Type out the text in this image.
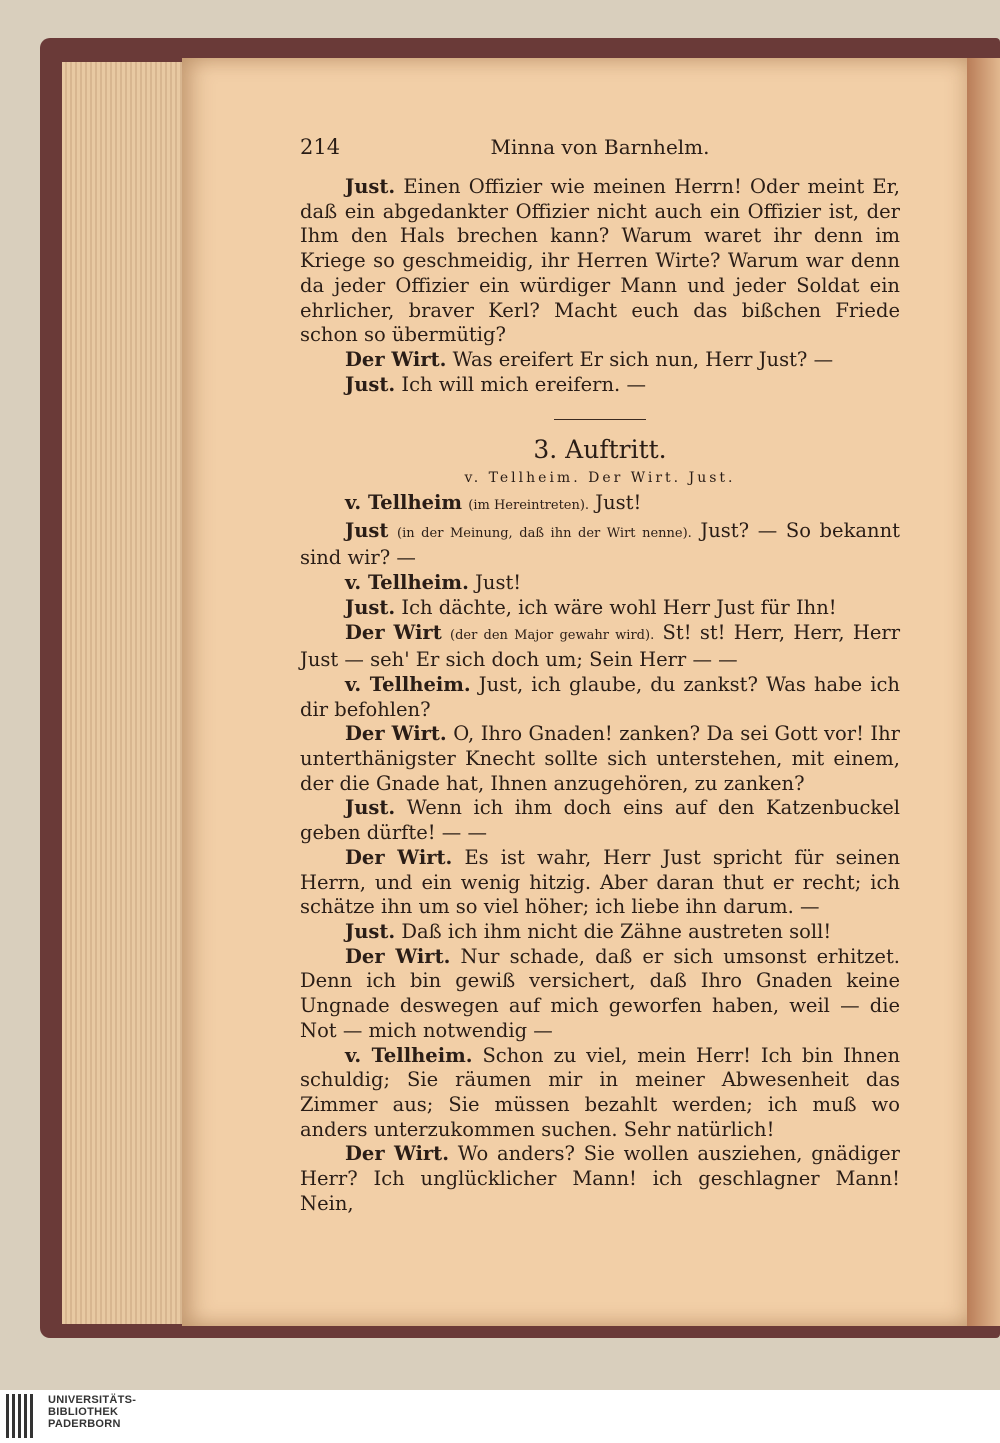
214	Minna von Barnhelm.

Just. Einen Offizier wie meinen Herrn! Oder meint Er, daß ein abgedankter Offizier nicht auch ein Offizier ist, der Ihm den Hals brechen kann? Warum waret ihr denn im Kriege so geschmeidig, ihr Herren Wirte? Warum war denn da jeder Offizier ein würdiger Mann und jeder Soldat ein ehrlicher, braver Kerl? Macht euch das bißchen Friede schon so übermütig?

Der Wirt. Was ereifert Er sich nun, Herr Just? —

Just. Ich will mich ereifern. —

3. Auftritt.

v. Tellheim. Der Wirt. Just.

v. Tellheim (im Hereintreten). Just!

Just (in der Meinung, daß ihn der Wirt nenne). Just? — So bekannt sind wir? —

v. Tellheim. Just!

Just. Ich dächte, ich wäre wohl Herr Just für Ihn!

Der Wirt (der den Major gewahr wird). St! st! Herr, Herr, Herr Just — seh' Er sich doch um; Sein Herr — —

v. Tellheim. Just, ich glaube, du zankst? Was habe ich dir befohlen?

Der Wirt. O, Ihro Gnaden! zanken? Da sei Gott vor! Ihr unterthänigster Knecht sollte sich unterstehen, mit einem, der die Gnade hat, Ihnen anzugehören, zu zanken?

Just. Wenn ich ihm doch eins auf den Katzenbuckel geben dürfte! — —

Der Wirt. Es ist wahr, Herr Just spricht für seinen Herrn, und ein wenig hitzig. Aber daran thut er recht; ich schätze ihn um so viel höher; ich liebe ihn darum. —

Just. Daß ich ihm nicht die Zähne austreten soll!

Der Wirt. Nur schade, daß er sich umsonst erhitzet. Denn ich bin gewiß versichert, daß Ihro Gnaden keine Ungnade deswegen auf mich geworfen haben, weil — die Not — mich notwendig —

v. Tellheim. Schon zu viel, mein Herr! Ich bin Ihnen schuldig; Sie räumen mir in meiner Abwesenheit das Zimmer aus; Sie müssen bezahlt werden; ich muß wo anders unterzukommen suchen. Sehr natürlich!

Der Wirt. Wo anders? Sie wollen ausziehen, gnädiger Herr? Ich unglücklicher Mann! ich geschlagner Mann! Nein,

UNIVERSITÄTS-
BIBLIOTHEK
PADERBORN
